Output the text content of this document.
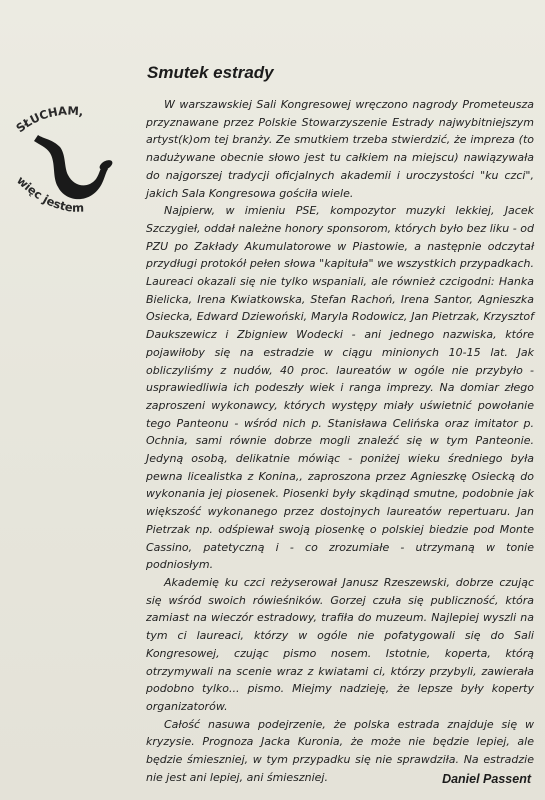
SŁUCHAM,
więc jestem
Smutek estrady

W warszawskiej Sali Kongresowej wręczono nagrody Prometeusza przyznawane przez Polskie Stowarzyszenie Estrady najwybitniejszym artyst(k)om tej branży. Ze smutkiem trzeba stwierdzić, że impreza (to nadużywane obecnie słowo jest tu całkiem na miejscu) nawiązywała do najgorszej tradycji oficjalnych akademii i uroczystości "ku czci", jakich Sala Kongresowa gościła wiele.

Najpierw, w imieniu PSE, kompozytor muzyki lekkiej, Jacek Szczygieł, oddał należne honory sponsorom, których było bez liku - od PZU po Zakłady Akumulatorowe w Piastowie, a następnie odczytał przydługi protokół pełen słowa "kapituła" we wszystkich przypadkach. Laureaci okazali się nie tylko wspaniali, ale również czcigodni: Hanka Bielicka, Irena Kwiatkowska, Stefan Rachoń, Irena Santor, Agnieszka Osiecka, Edward Dziewoński, Maryla Rodowicz, Jan Pietrzak, Krzysztof Daukszewicz i Zbigniew Wodecki - ani jednego nazwiska, które pojawiłoby się na estradzie w ciągu minionych 10-15 lat. Jak obliczyliśmy z nudów, 40 proc. laureatów w ogóle nie przybyło - usprawiedliwia ich podeszły wiek i ranga imprezy. Na domiar złego zaproszeni wykonawcy, których występy miały uświetnić powołanie tego Panteonu - wśród nich p. Stanisława Celińska oraz imitator p. Ochnia, sami równie dobrze mogli znaleźć się w tym Panteonie. Jedyną osobą, delikatnie mówiąc - poniżej wieku średniego była pewna licealistka z Konina,, zaproszona przez Agnieszkę Osiecką do wykonania jej piosenek. Piosenki były skądinąd smutne, podobnie jak większość wykonanego przez dostojnych laureatów repertuaru. Jan Pietrzak np. odśpiewał swoją piosenkę o polskiej biedzie pod Monte Cassino, patetyczną i - co zrozumiałe - utrzymaną w tonie podniosłym.

Akademię ku czci reżyserował Janusz Rzeszewski, dobrze czując się wśród swoich rówieśników. Gorzej czuła się publiczność, która zamiast na wieczór estradowy, trafiła do muzeum. Najlepiej wyszli na tym ci laureaci, którzy w ogóle nie pofatygowali się do Sali Kongresowej, czując pismo nosem. Istotnie, koperta, którą otrzymywali na scenie wraz z kwiatami ci, którzy przybyli, zawierała podobno tylko... pismo. Miejmy nadzieję, że lepsze były koperty organizatorów.

Całość nasuwa podejrzenie, że polska estrada znajduje się w kryzysie. Prognoza Jacka Kuronia, że może nie będzie lepiej, ale będzie śmieszniej, w tym przypadku się nie sprawdziła. Na estradzie nie jest ani lepiej, ani śmieszniej.	Daniel Passent
